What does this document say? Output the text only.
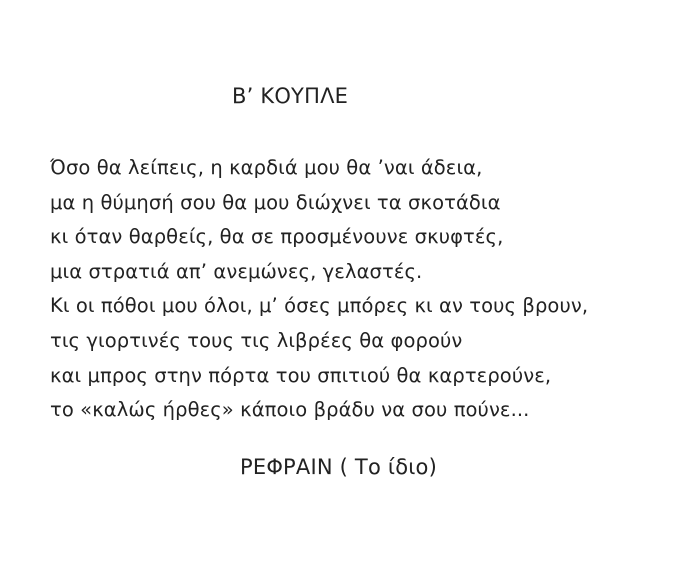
Β’ ΚΟΥΠΛΕ
Όσο θα λείπεις, η καρδιά μου θα ’ναι άδεια,
μα η θύμησή σου θα μου διώχνει τα σκοτάδια
κι όταν θαρθείς, θα σε προσμένουνε σκυφτές,
μια στρατιά απ’ ανεμώνες, γελαστές.
Κι οι πόθοι μου όλοι, μ’ όσες μπόρες κι αν τους βρουν,
τις γιορτινές τους τις λιβρέες θα φορούν
και μπρος στην πόρτα του σπιτιού θα καρτερούνε,
το «καλώς ήρθες» κάποιο βράδυ να σου πούνε...
ΡΕΦΡΑΙΝ ( Το ίδιο)
